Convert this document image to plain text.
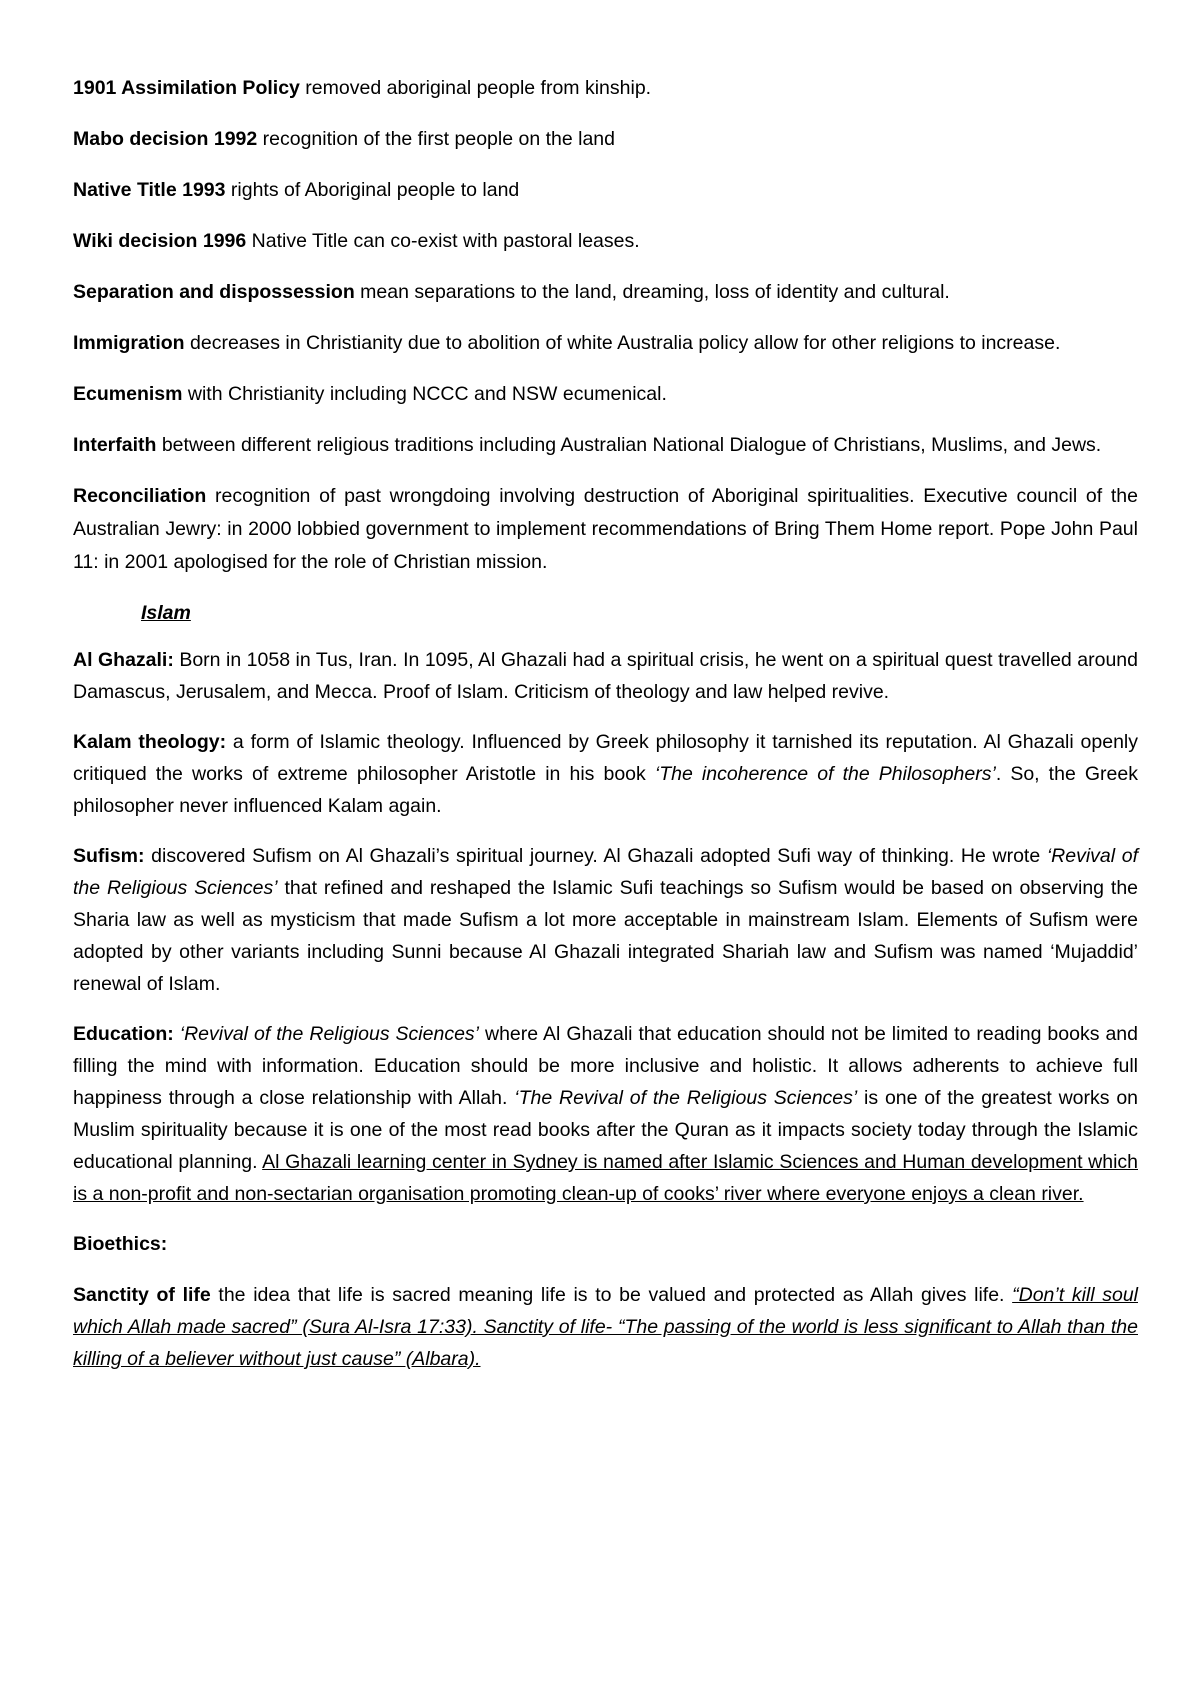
1901 Assimilation Policy removed aboriginal people from kinship.

Mabo decision 1992 recognition of the first people on the land

Native Title 1993 rights of Aboriginal people to land

Wiki decision 1996 Native Title can co-exist with pastoral leases.

Separation and dispossession mean separations to the land, dreaming, loss of identity and cultural.

Immigration decreases in Christianity due to abolition of white Australia policy allow for other religions to increase.

Ecumenism with Christianity including NCCC and NSW ecumenical.

Interfaith between different religious traditions including Australian National Dialogue of Christians, Muslims, and Jews.

Reconciliation recognition of past wrongdoing involving destruction of Aboriginal spiritualities. Executive council of the Australian Jewry: in 2000 lobbied government to implement recommendations of Bring Them Home report. Pope John Paul 11: in 2001 apologised for the role of Christian mission.

Islam

Al Ghazali: Born in 1058 in Tus, Iran. In 1095, Al Ghazali had a spiritual crisis, he went on a spiritual quest travelled around Damascus, Jerusalem, and Mecca. Proof of Islam. Criticism of theology and law helped revive.

Kalam theology: a form of Islamic theology. Influenced by Greek philosophy it tarnished its reputation. Al Ghazali openly critiqued the works of extreme philosopher Aristotle in his book ‘The incoherence of the Philosophers’. So, the Greek philosopher never influenced Kalam again.

Sufism: discovered Sufism on Al Ghazali’s spiritual journey. Al Ghazali adopted Sufi way of thinking. He wrote ‘Revival of the Religious Sciences’ that refined and reshaped the Islamic Sufi teachings so Sufism would be based on observing the Sharia law as well as mysticism that made Sufism a lot more acceptable in mainstream Islam. Elements of Sufism were adopted by other variants including Sunni because Al Ghazali integrated Shariah law and Sufism was named ‘Mujaddid’ renewal of Islam.

Education: ‘Revival of the Religious Sciences’ where Al Ghazali that education should not be limited to reading books and filling the mind with information. Education should be more inclusive and holistic. It allows adherents to achieve full happiness through a close relationship with Allah. ‘The Revival of the Religious Sciences’ is one of the greatest works on Muslim spirituality because it is one of the most read books after the Quran as it impacts society today through the Islamic educational planning. Al Ghazali learning center in Sydney is named after Islamic Sciences and Human development which is a non-profit and non-sectarian organisation promoting clean-up of cooks’ river where everyone enjoys a clean river.

Bioethics:

Sanctity of life the idea that life is sacred meaning life is to be valued and protected as Allah gives life. “Don’t kill soul which Allah made sacred” (Sura Al-Isra 17:33). Sanctity of life- “The passing of the world is less significant to Allah than the killing of a believer without just cause” (Albara).
